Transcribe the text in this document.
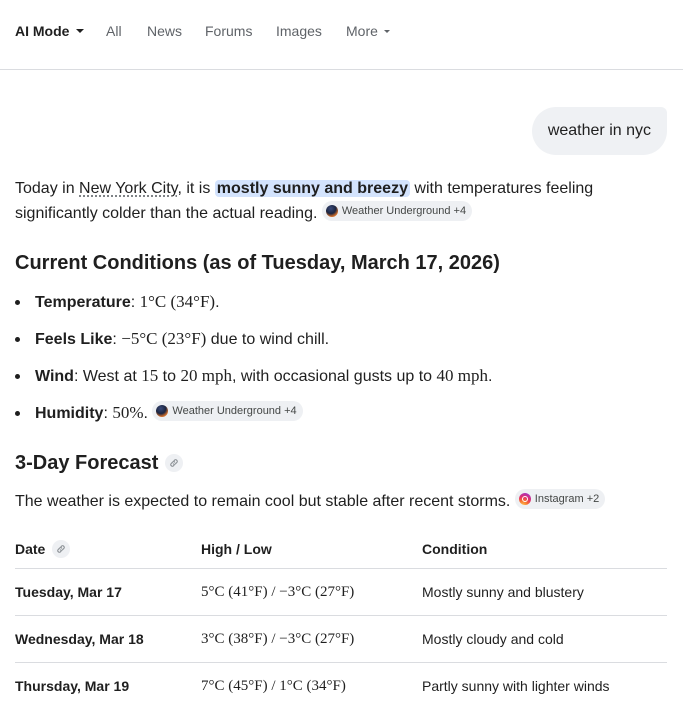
AI Mode	All News Forums Images More
weather in nyc
Today in New York City, it is mostly sunny and breezy with temperatures feeling significantly colder than the actual reading. Weather Underground +4
Current Conditions (as of Tuesday, March 17, 2026)
Temperature: 1°C (34°F).
Feels Like: −5°C (23°F) due to wind chill.
Wind: West at 15 to 20 mph, with occasional gusts up to 40 mph.
Humidity: 50%. Weather Underground +4
3-Day Forecast
The weather is expected to remain cool but stable after recent storms. Instagram +2
Date	High / Low	Condition
Tuesday, Mar 17	5°C (41°F) / −3°C (27°F)	Mostly sunny and blustery
Wednesday, Mar 18	3°C (38°F) / −3°C (27°F)	Mostly cloudy and cold
Thursday, Mar 19	7°C (45°F) / 1°C (34°F)	Partly sunny with lighter winds
